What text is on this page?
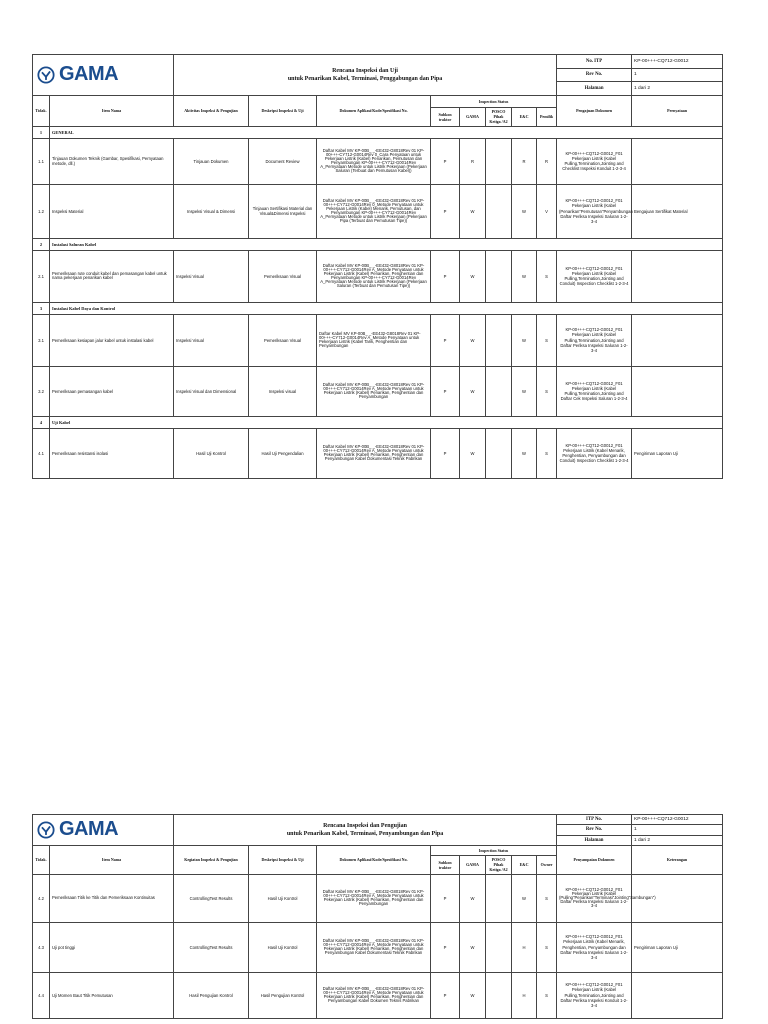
GAMA		Rencana Inspeksi dan Uji
untuk Penarikan Kabel, Terminasi, Penggabungan dan Pipa								No. ITP	KP-00+++-CQ712-G0012
										Rev No.	1
										Halaman	1 dari 2
Tidak.	Item Nama	Aktivitas Inspeksi & Pengujian	Deskripsi Inspeksi & Uji	Dokumen Aplikasi/Kode/Spesifikasi No.	Inspection Status					Pengajuan Dokumen	Pernyataan
					Subkon traktor	GAMA	POSCO Pihak Ketiga /A2	E&C	Pemilik		
1	GENERAL										
1.1	Tinjauan Dokumen Teknik (Gambar, Spesifikasi, Pernyataan metode, dll.)	Tinjauan Dokumen	Document Review	Daftar Kabel MV KP-00B_ _-EE432-G8018Rev 01 KP-00+++-CY712-G0014Rev 0_Cara Penyataan untuk Pekerjaan Listrik (Kabel) Penarikan, Pemutusan dan Penyambungan KP-00+++-CY712-G0014Rev A_Pernyataan Metode untuk Listrik Pekerjaan (Pekerjaan Saluran (Terbuat dan Pemutusan Kabel))	P	R		R	R	KP-00+++-CQ712-G0012_F01 Pekerjaan Listrik (Kabel Pulling,Termination,Jointing and Checklist Inspeksi Konduit 1-2-3-4	
1.2	Inspeksi Material	Inspeksi Visual & Dimensi	Tinjauan Sertifikasi Material dan Visual&Dimensi Inspeksi	Daftar Kabel MV KP-00B_ _-EE432-G8018Rev 01 KP-00+++-CY712-G0014Rev 0_Metode Penyataan untuk Pekerjaan Listrik (Kabel) Menarik, Pemutusan, dan Penyambungan KP-00+++-CY712-G0014Rev A_Pernyataan Metode untuk Listrik Pekerjaan (Pekerjaan Pipa (Terbuat dan Pemutusan Tipe))	P	W		W	V	KP-00+++-CQ712-G0012_F01 Pekerjaan Listrik (Kabel (Penarikan"Pemutusan"Penyambungan Daftar Periksa Inspeksi Saluran 1-2-3-4	Bengajuan Sertifikat Material
2	Instalasi Saluran Kabel										
2.1	Pemeriksaan rute conduit kabel dan pemasangan kabel untuk nama pekerjaan penarikan kabel	Inspeksi Visual	Pemeriksaan Visual	Daftar Kabel MV KP-00B_ _-EE432-G8018Rev 01 KP-00+++-CY712-G0014Rev A_Metode Penyataan untuk Pekerjaan Listrik (Kabel) Penarikan, Penghentian dan Penyambungan KP-00+++-CY712-G0014Rev A_Pernyataan Metode untuk Listrik Pekerjaan (Pekerjaan Saluran (Terbuat dan Pemutusan Tipe))	P	W		W	S	KP-00+++-CQ712-G0012_F01 Pekerjaan Listrik (Kabel Pulling,Termination,Jointing and Conduit) Inspection Checklist 1-2-3-4	
3	Instalasi Kabel Daya dan Kontrol										
3.1	Pemeriksaan kesiapan jalur kabel untuk instalasi kabel	Inspeksi Visual	Pemeriksaan Visual	Daftar Kabel MV KP-00B_ _-EE432-G8018Rev 01 KP-00+++-CY712-G0014Rev A_Metode Penyataan untuk Pekerjaan Listrik (Kabel Tarik, Penghentian dan Penyambungan	P	W		W	S	KP-00+++-CQ712-G0012_F01 Pekerjaan Listrik (Kabel Pulling,Termination,Jointing and Daftar Periksa Inspeksi Saluran 1-2-3-4	
3.2	Pemeriksaan pemasangan kabel	Inspeksi Visual dan Dimensional	Inspeksi visual	Daftar Kabel MV KP-00B_ _-EE432-G8018Rev 01 KP-00+++-CY712-G0014Rev A_Metode Penyataan untuk Pekerjaan Listrik (Kabel) Penarikan, Penghentian dan Penyambungan	P	W		W	S	KP-00+++-CQ712-G0012_F01 Pekerjaan Listrik (Kabel Pulling,Termination,Jointing and Daftar Cek Inspeksi Saluran 1-2-3-4	
4	Uji Kabel										
4.1	Pemeriksaan resistansi isolasi	Hasil Uji Kontrol	Hasil Uji Pengendalian	Daftar Kabel MV KP-00B_ _-EE432-G8018Rev 01 KP-00+++-CY712-G0014Rev A_Metode Penyataan untuk Pekerjaan Listrik (Kabel) Penarikan, Penghentian dan Penyambungan Kabel Dokumentasi Teknik Pabrikan	P	W		W	S	KP-00+++-CQ712-G0012_F01 Pekerjaan Listrik (Kabel Menarik, Penghentian, Penyambungan dan Conduit) Inspection Checklist 1-2-3-4	Pengiriman Laporan Uji
GAMA		Rencana Inspeksi dan Pengujian
untuk Penarikan Kabel, Terminasi, Penyambungan dan Pipa								ITP No.	KP-00+++-CQ712-G0012
										Rev No.	1
										Halaman	1 dari 2
Tidak.	Item Nama	Kegiatan Inspeksi & Pengujian	Deskripsi Inspeksi & Uji	Dokumen Aplikasi/Kode/Spesifikasi No.	Inspection Status					Penyampaian Dokumen	Keterangan
					Subkon traktor	GAMA	POSCO Pihak Ketiga /A2	E&C	Owner		
4.2	Pemeriksaan Titik ke Titik dan Pemeriksaan Kontinuitas	ControllingTest Results	Hasil Uji Kontrol	Daftar Kabel MV KP-00B_ _-EE432-G8018Rev 01 KP-00+++-CY712-G0014Rev A_Metode Penyataan untuk Pekerjaan Listrik (Kabel) Penarikan, Penghentian dan Penyambungan	P	W		W	S	KP-00+++-CQ712-G0012_F01 Pekerjaan Listrik (Kabel (Pulling"Penarikan"Terminasi"Jointing"Sambungan") Daftar Periksa Inspeksi Saluran 1-2-3-4	
4.3	Uji pot tinggi	ControllingTest Results	Hasil Uji Kontrol	Daftar Kabel MV KP-00B_ _-EE432-G8018Rev 01 KP-00+++-CY712-G0014Rev A_Metode Penyataan untuk Pekerjaan Listrik (Kabel) Penarikan, Penghentian dan Penyambungan Kabel Dokumentasi Teknik Pabrikan	P	W		H	S	KP-00+++-CQ712-G0012_F01 Pekerjaan Listrik (Kabel Menarik, Penghentian, Penyambungan dan Daftar Periksa Inspeksi Saluran 1-2-3-4	Pengiriman Laporan Uji
4.4	Uji Momen Baut Titik Pemutusan	Hasil Pengujian Kontrol	Hasil Pengujian Kontrol	Daftar Kabel MV KP-00B_ _-EE432-G8018Rev 01 KP-00+++-CY712-G0014Rev A_Metode Penyataan untuk Pekerjaan Listrik (Kabel) Penarikan, Penghentian dan Penyambungan Kabel Dokumen Teknis Pabrikan	P	W		H	S	KP-00+++-CQ712-G0012_F01 Pekerjaan Listrik (Kabel Pulling,Termination,Jointing and Daftar Periksa Inspeksi Konduit 1-2-3-4	
